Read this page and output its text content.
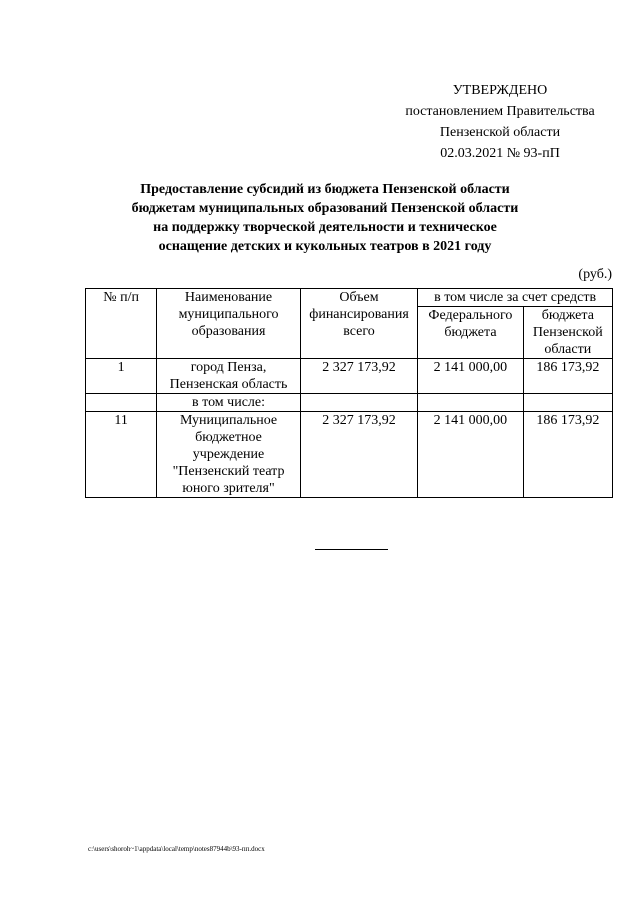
УТВЕРЖДЕНО
постановлением Правительства
Пензенской области
02.03.2021 № 93-пП
Предоставление субсидий из бюджета Пензенской области
бюджетам муниципальных образований Пензенской области
на поддержку творческой деятельности и техническое
оснащение детских и кукольных театров в 2021 году
(руб.)
№ п/п	Наименование муниципального образования	Объем финансирования всего	в том числе за счет средств	
			Федерального бюджета	бюджета Пензенской области
1	город Пенза, Пензенская область	2 327 173,92	2 141 000,00	186 173,92
	в том числе:			
11	Муниципальное бюджетное учреждение "Пензенский театр юного зрителя"	2 327 173,92	2 141 000,00	186 173,92
c:\users\shoroh~1\appdata\local\temp\notes87944b\93-пп.docx
